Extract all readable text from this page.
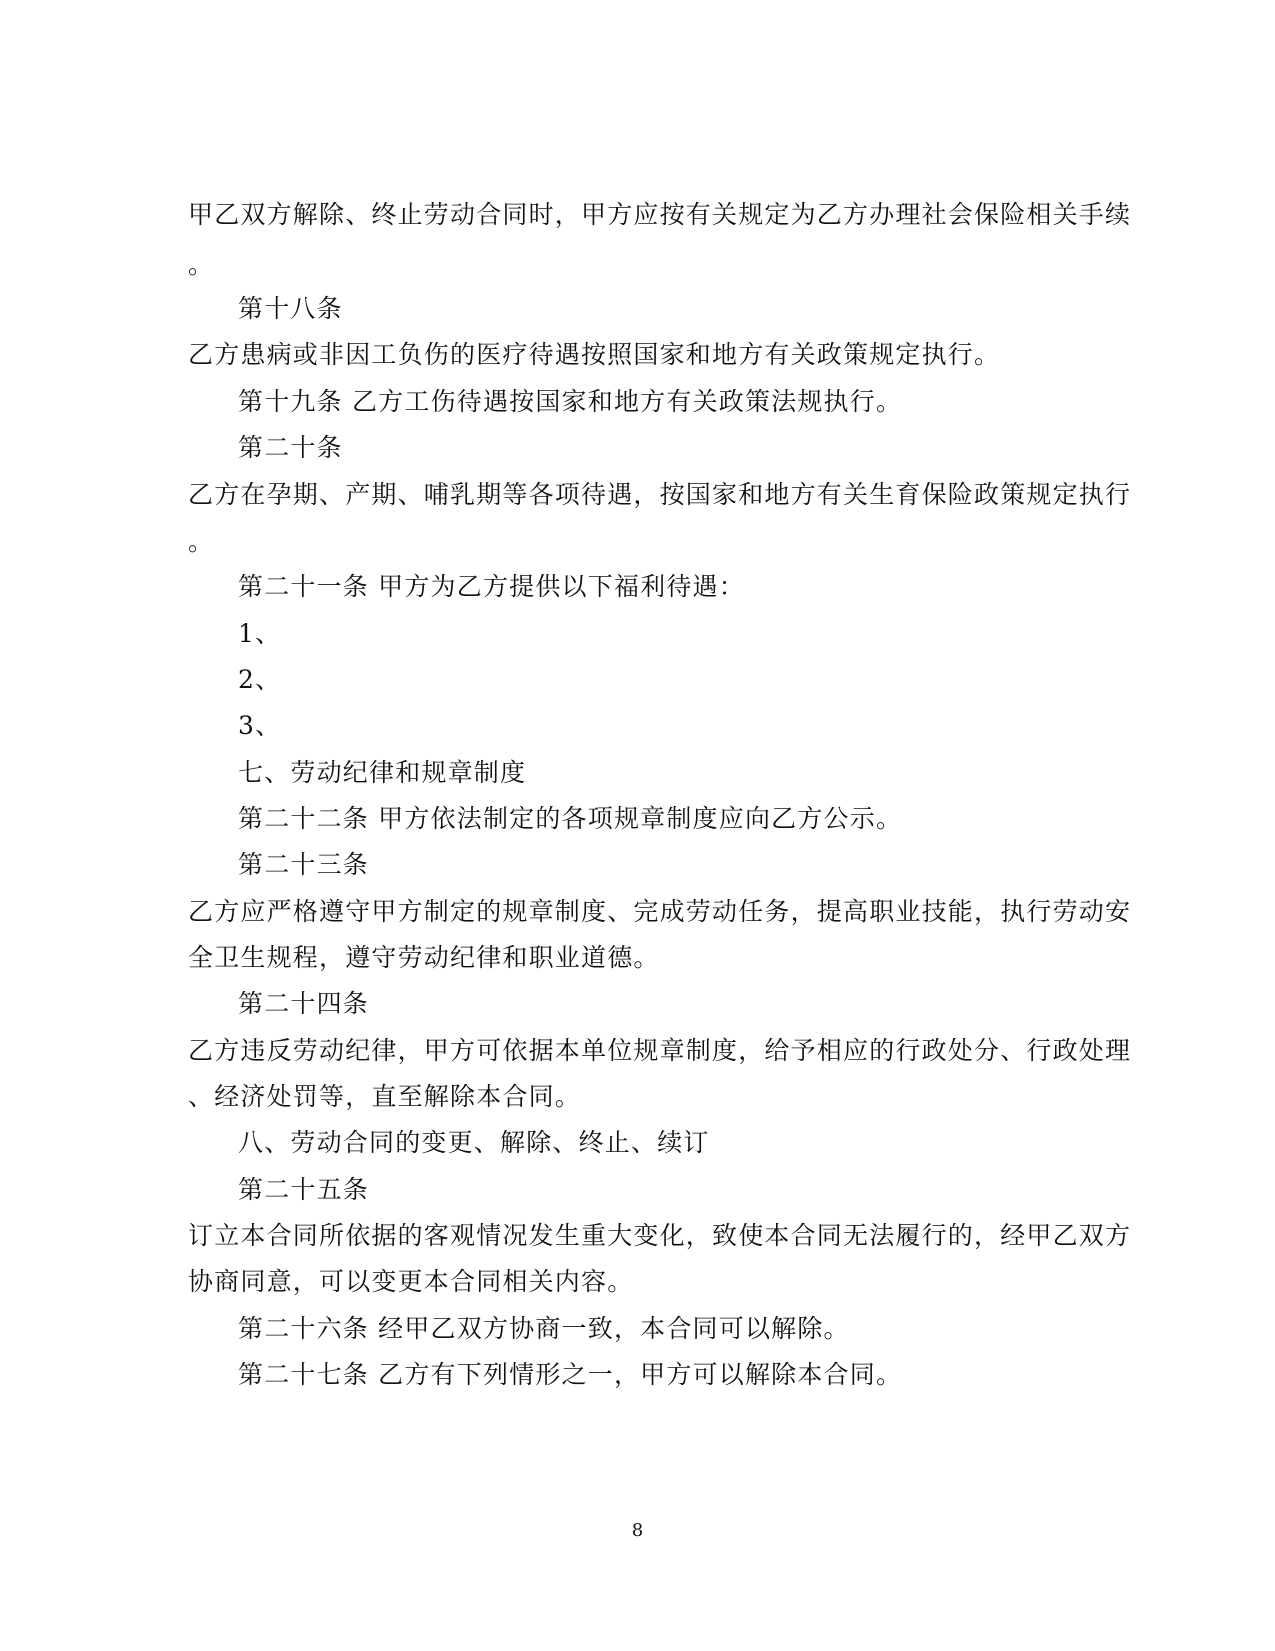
甲乙双方解除、终止劳动合同时，甲方应按有关规定为乙方办理社会保险相关手续
。
第十八条
乙方患病或非因工负伤的医疗待遇按照国家和地方有关政策规定执行。
第十九条 乙方工伤待遇按国家和地方有关政策法规执行。
第二十条
乙方在孕期、产期、哺乳期等各项待遇，按国家和地方有关生育保险政策规定执行
。
第二十一条 甲方为乙方提供以下福利待遇：
1、
2、
3、
七、劳动纪律和规章制度
第二十二条 甲方依法制定的各项规章制度应向乙方公示。
第二十三条
乙方应严格遵守甲方制定的规章制度、完成劳动任务，提高职业技能，执行劳动安
全卫生规程，遵守劳动纪律和职业道德。
第二十四条
乙方违反劳动纪律，甲方可依据本单位规章制度，给予相应的行政处分、行政处理
、经济处罚等，直至解除本合同。
八、劳动合同的变更、解除、终止、续订
第二十五条
订立本合同所依据的客观情况发生重大变化，致使本合同无法履行的，经甲乙双方
协商同意，可以变更本合同相关内容。
第二十六条 经甲乙双方协商一致，本合同可以解除。
第二十七条 乙方有下列情形之一，甲方可以解除本合同。
8
